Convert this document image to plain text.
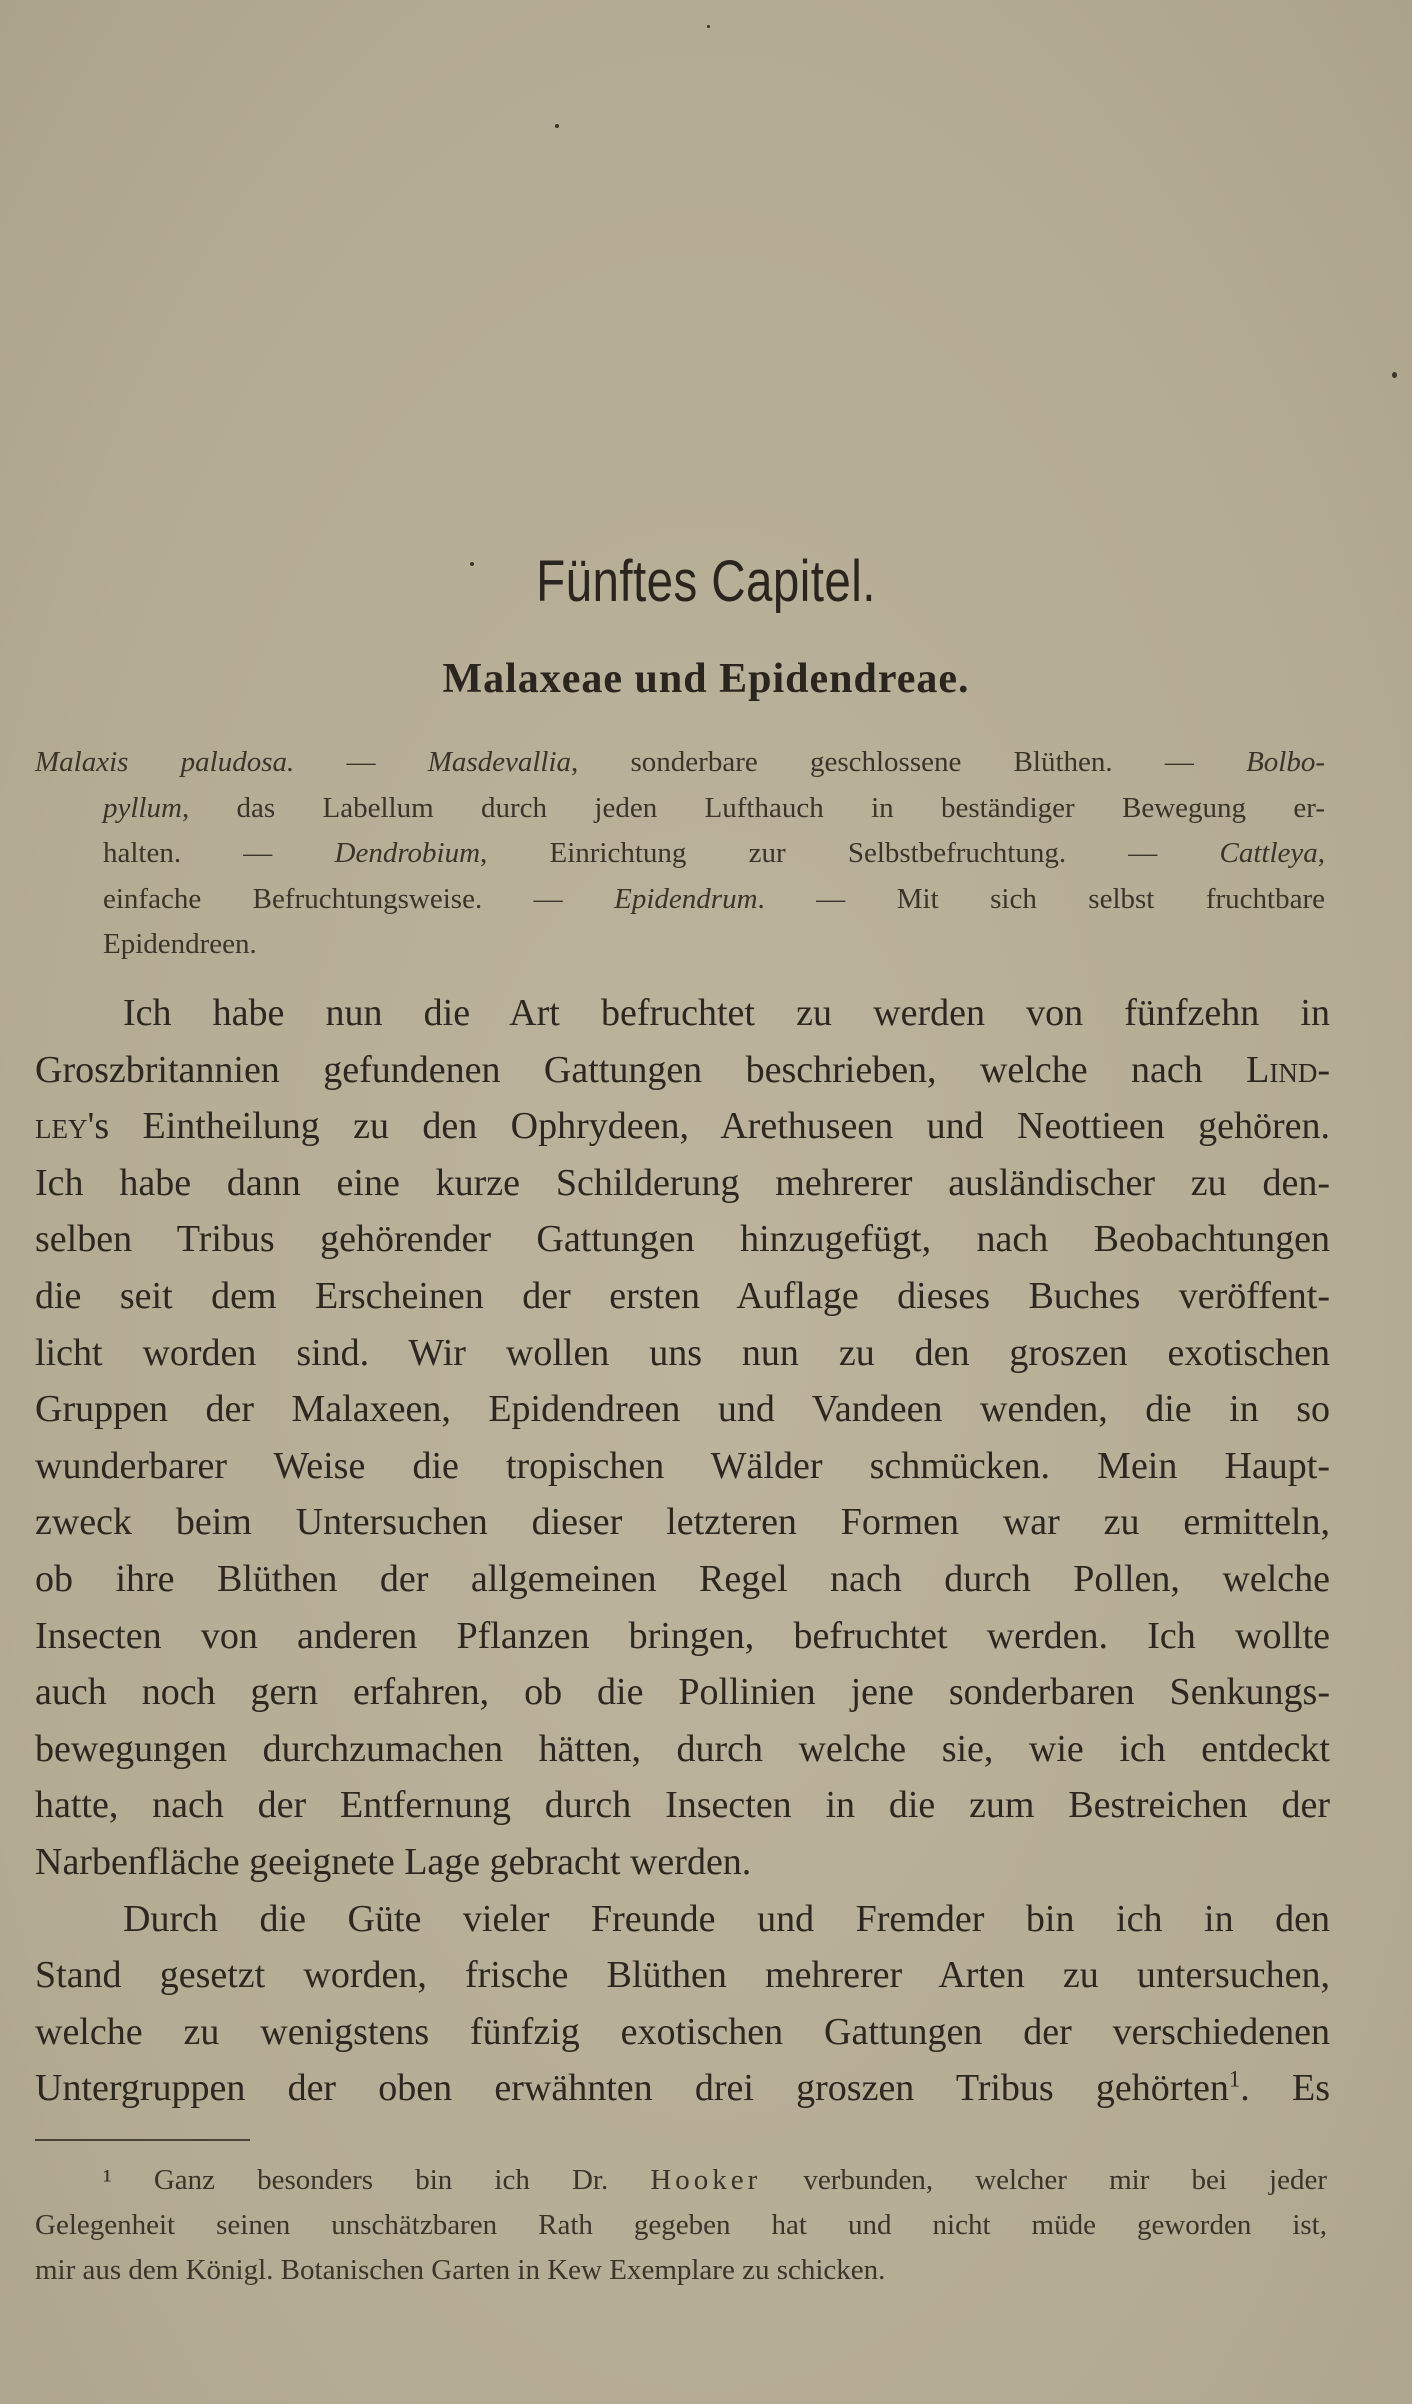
Fünftes Capitel.
Malaxeae und Epidendreae.
Malaxis paludosa. — Masdevallia, sonderbare geschlossene Blüthen. — Bolbo-
pyllum, das Labellum durch jeden Lufthauch in beständiger Bewegung er-
halten. — Dendrobium, Einrichtung zur Selbstbefruchtung. — Cattleya,
einfache Befruchtungsweise. — Epidendrum. — Mit sich selbst fruchtbare
Epidendreen.
Ich habe nun die Art befruchtet zu werden von fünfzehn in
Groszbritannien gefundenen Gattungen beschrieben, welche nach Lind-
ley's Eintheilung zu den Ophrydeen, Arethuseen und Neottieen gehören.
Ich habe dann eine kurze Schilderung mehrerer ausländischer zu den-
selben Tribus gehörender Gattungen hinzugefügt, nach Beobachtungen
die seit dem Erscheinen der ersten Auflage dieses Buches veröffent-
licht worden sind. Wir wollen uns nun zu den groszen exotischen
Gruppen der Malaxeen, Epidendreen und Vandeen wenden, die in so
wunderbarer Weise die tropischen Wälder schmücken. Mein Haupt-
zweck beim Untersuchen dieser letzteren Formen war zu ermitteln,
ob ihre Blüthen der allgemeinen Regel nach durch Pollen, welche
Insecten von anderen Pflanzen bringen, befruchtet werden. Ich wollte
auch noch gern erfahren, ob die Pollinien jene sonderbaren Senkungs-
bewegungen durchzumachen hätten, durch welche sie, wie ich entdeckt
hatte, nach der Entfernung durch Insecten in die zum Bestreichen der
Narbenfläche geeignete Lage gebracht werden.
Durch die Güte vieler Freunde und Fremder bin ich in den
Stand gesetzt worden, frische Blüthen mehrerer Arten zu untersuchen,
welche zu wenigstens fünfzig exotischen Gattungen der verschiedenen
Untergruppen der oben erwähnten drei groszen Tribus gehörten$^1$. Es
¹ Ganz besonders bin ich Dr. Hooker verbunden, welcher mir bei jeder
Gelegenheit seinen unschätzbaren Rath gegeben hat und nicht müde geworden ist,
mir aus dem Königl. Botanischen Garten in Kew Exemplare zu schicken.
